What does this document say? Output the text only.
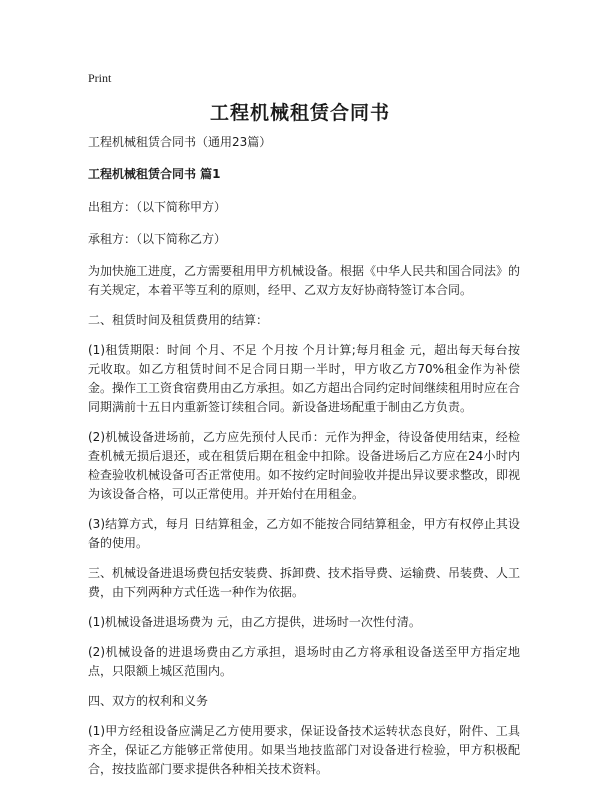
Print
工程机械租赁合同书

工程机械租赁合同书（通用23篇）

工程机械租赁合同书 篇1

出租方：（以下简称甲方）

承租方：（以下简称乙方）

为加快施工进度，乙方需要租用甲方机械设备。根据《中华人民共和国合同法》的有关规定，本着平等互利的原则，经甲、乙双方友好协商特签订本合同。

二、租赁时间及租赁费用的结算：

(1)租赁期限：时间 个月、不足 个月按 个月计算;每月租金 元，超出每天每台按 元收取。如乙方租赁时间不足合同日期一半时，甲方收乙方70%租金作为补偿金。操作工工资食宿费用由乙方承担。如乙方超出合同约定时间继续租用时应在合同期满前十五日内重新签订续租合同。新设备进场配重于制由乙方负责。

(2)机械设备进场前，乙方应先预付人民币：元作为押金，待设备使用结束，经检查机械无损后退还，或在租赁后期在租金中扣除。设备进场后乙方应在24小时内检查验收机械设备可否正常使用。如不按约定时间验收并提出异议要求整改，即视为该设备合格，可以正常使用。并开始付在用租金。

(3)结算方式，每月 日结算租金，乙方如不能按合同结算租金，甲方有权停止其设备的使用。

三、机械设备进退场费包括安装费、拆卸费、技术指导费、运输费、吊装费、人工费，由下列两种方式任选一种作为依据。

(1)机械设备进退场费为 元，由乙方提供，进场时一次性付清。

(2)机械设备的进退场费由乙方承担，退场时由乙方将承租设备送至甲方指定地点，只限额上城区范围内。

四、双方的权利和义务

(1)甲方经租设备应满足乙方使用要求，保证设备技术运转状态良好，附件、工具齐全，保证乙方能够正常使用。如果当地技监部门对设备进行检验，甲方积极配合，按技监部门要求提供各种相关技术资料。
